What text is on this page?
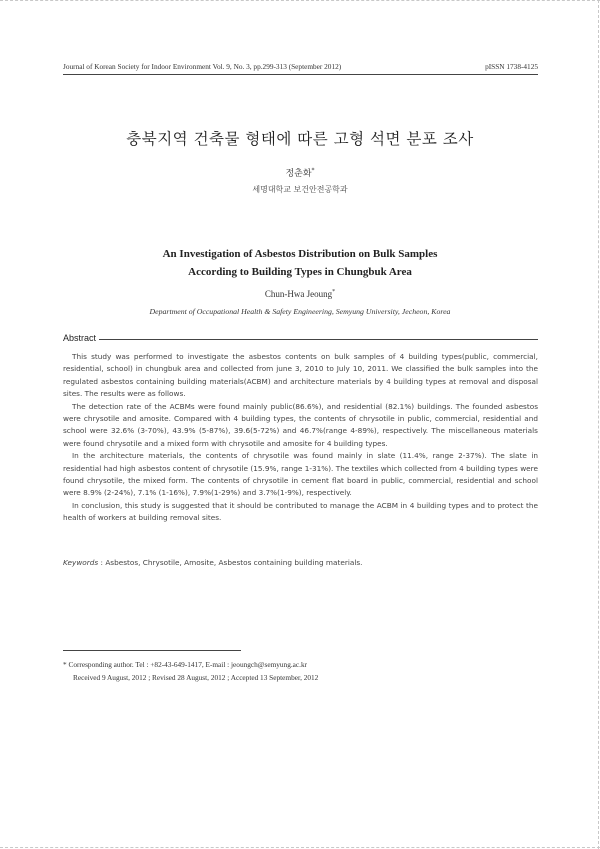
Journal of Korean Society for Indoor Environment Vol. 9, No. 3, pp.299-313 (September 2012)	pISSN 1738-4125
충북지역 건축물 형태에 따른 고형 석면 분포 조사
정춘화*
세명대학교 보건안전공학과
An Investigation of Asbestos Distribution on Bulk Samples
According to Building Types in Chungbuk Area
Chun-Hwa Jeoung*
Department of Occupational Health & Safety Engineering, Semyung University, Jecheon, Korea
Abstract

This study was performed to investigate the asbestos contents on bulk samples of 4 building types(public, commercial, residential, school) in chungbuk area and collected from june 3, 2010 to July 10, 2011. We classified the bulk samples into the regulated asbestos containing building materials(ACBM) and architecture materials by 4 building types at removal and disposal sites. The results were as follows.

The detection rate of the ACBMs were found mainly public(86.6%), and residential (82.1%) buildings. The founded asbestos were chrysotile and amosite. Compared with 4 building types, the contents of chrysotile in public, commercial, residential and school were 32.6% (3-70%), 43.9% (5-87%), 39.6(5-72%) and 46.7%(range 4-89%), respectively. The miscellaneous materials were found chrysotile and a mixed form with chrysotile and amosite for 4 building types.

In the architecture materials, the contents of chrysotile was found mainly in slate (11.4%, range 2-37%). The slate in residential had high asbestos content of chrysotile (15.9%, range 1-31%). The textiles which collected from 4 building types were found chrysotile, the mixed form. The contents of chrysotile in cement flat board in public, commercial, residential and school were 8.9% (2-24%), 7.1% (1-16%), 7.9%(1-29%) and 3.7%(1-9%), respectively.

In conclusion, this study is suggested that it should be contributed to manage the ACBM in 4 building types and to protect the health of workers at building removal sites.

Keywords : Asbestos, Chrysotile, Amosite, Asbestos containing building materials.
* Corresponding author. Tel : +82-43-649-1417, E-mail : jeoungch@semyung.ac.kr
Received 9 August, 2012 ; Revised 28 August, 2012 ; Accepted 13 September, 2012
